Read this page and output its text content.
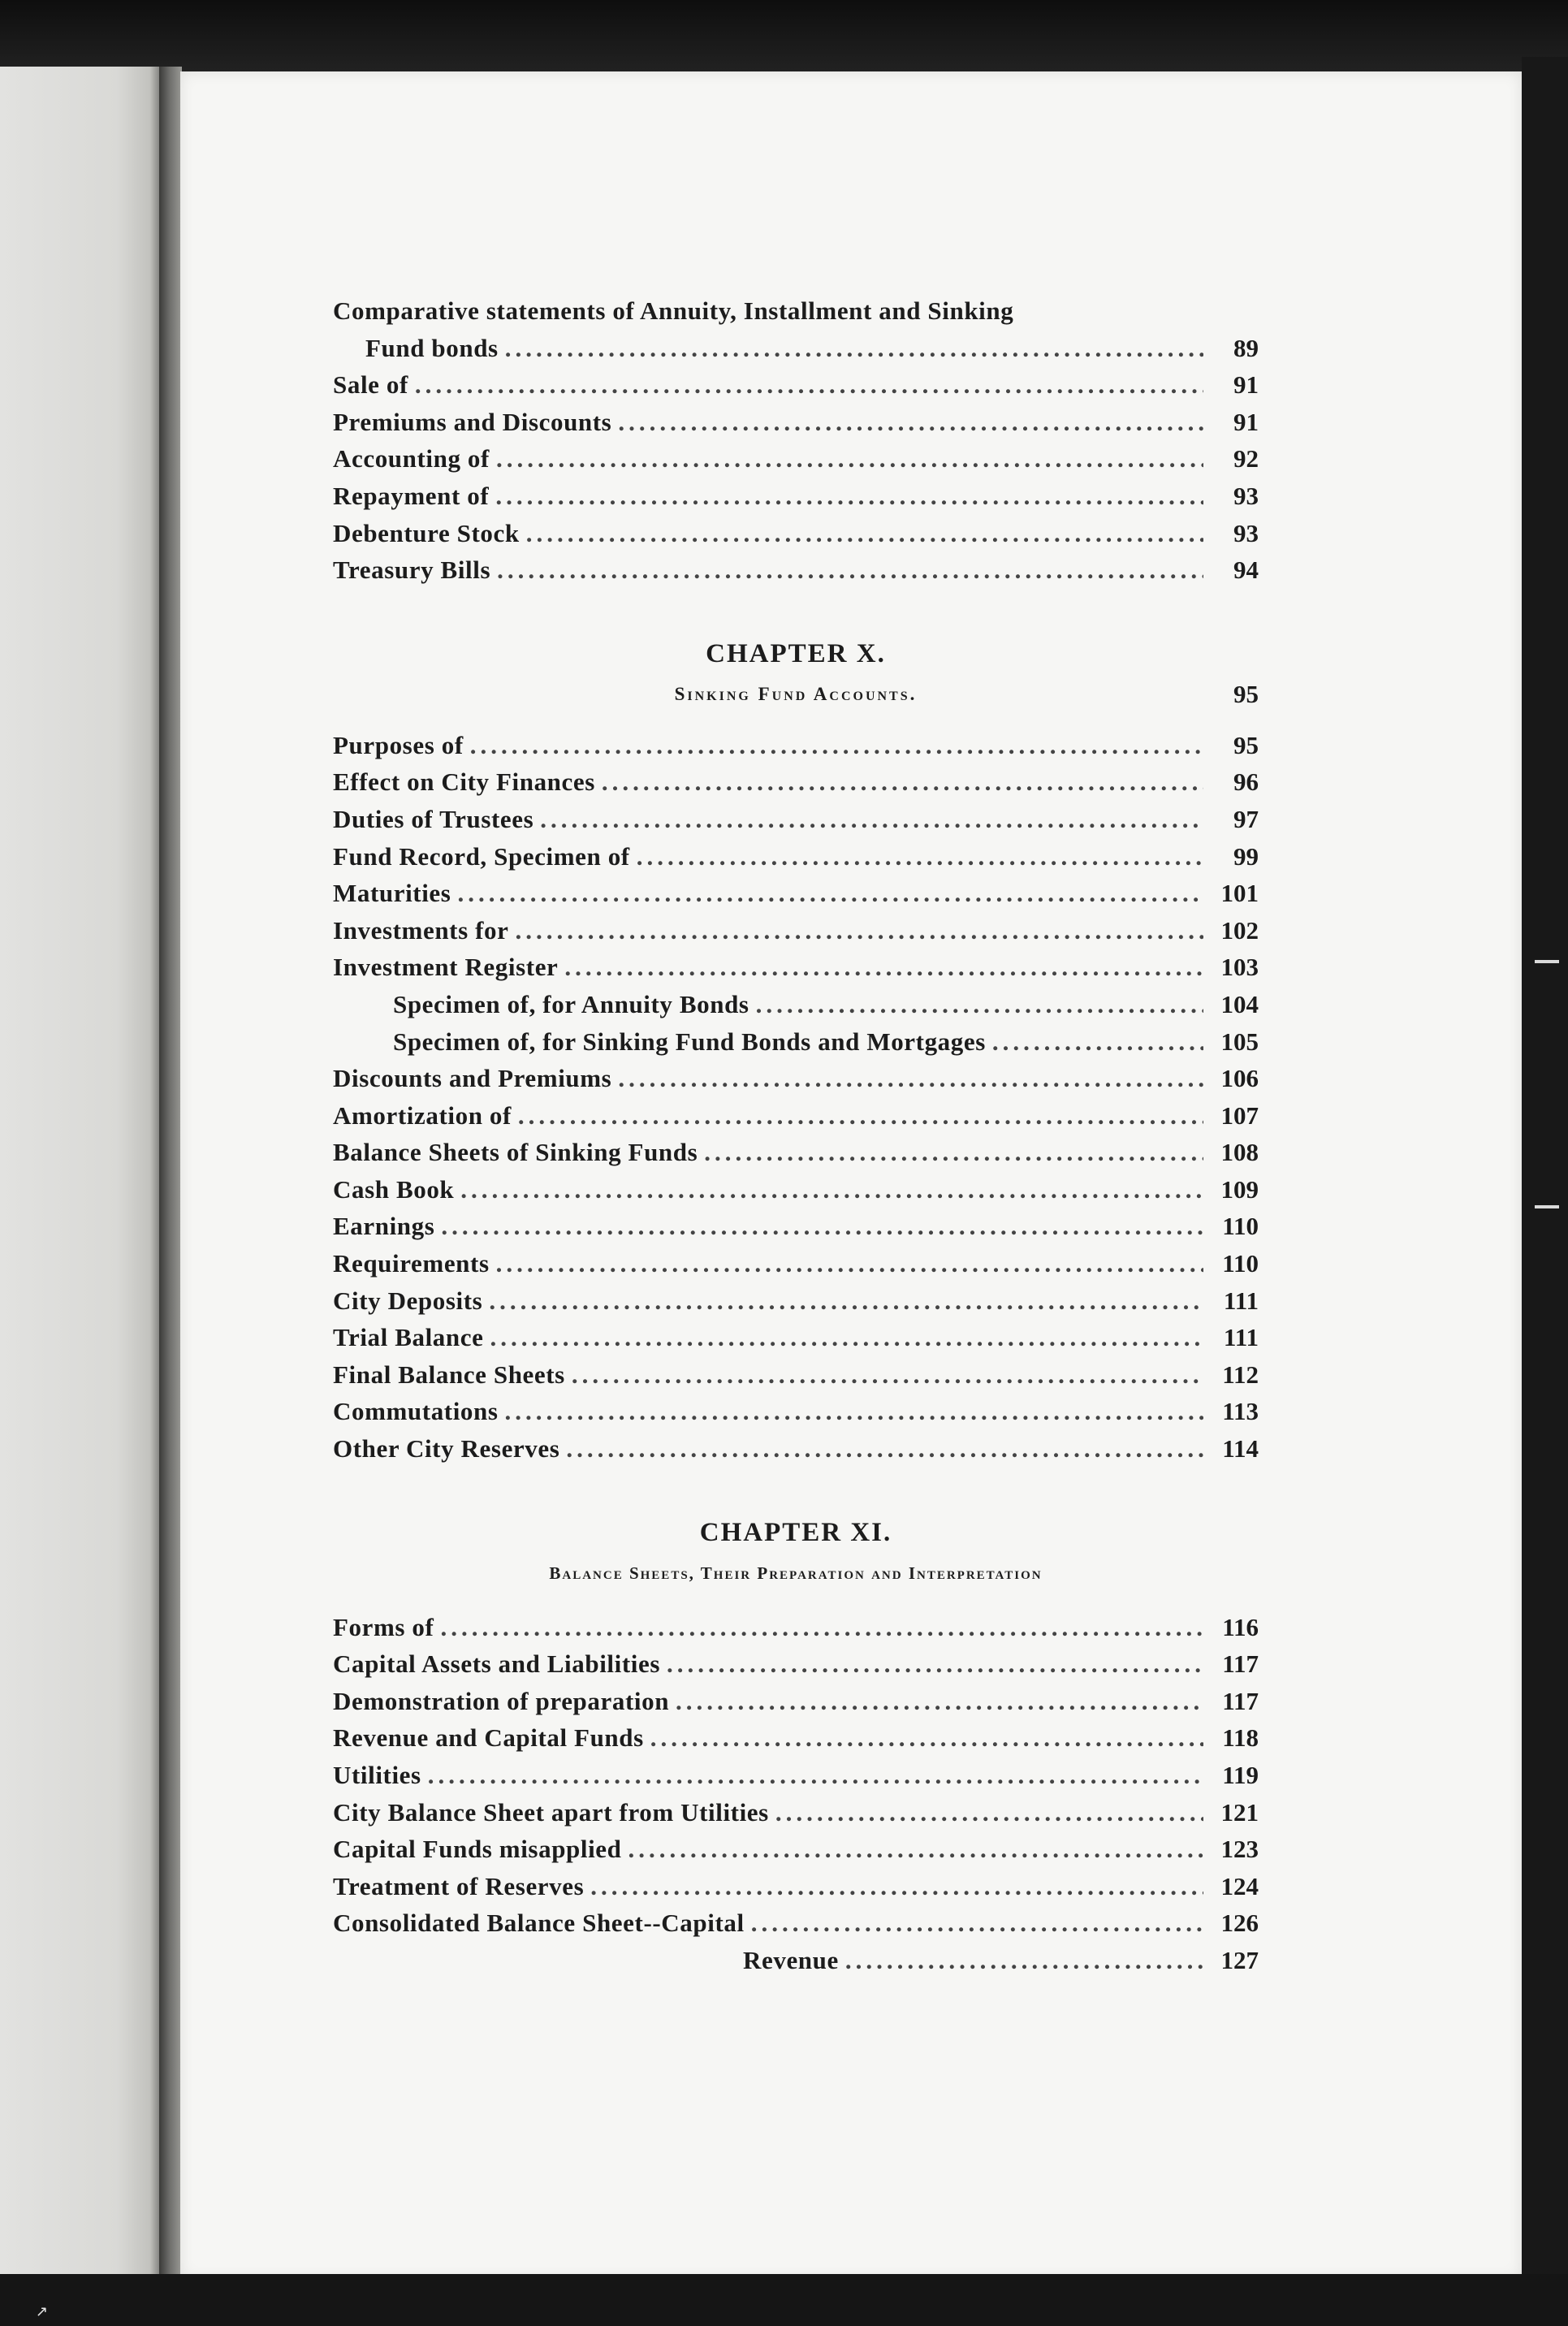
Comparative statements of Annuity, Installment and Sinking
Fund bonds .....	89
Sale of .....	91
Premiums and Discounts .....	91
Accounting of .....	92
Repayment of .....	93
Debenture Stock .....	93
Treasury Bills .....	94
CHAPTER X.
Sinking Fund Accounts.	95
Purposes of .....	95
Effect on City Finances .....	96
Duties of Trustees .....	97
Fund Record, Specimen of .....	99
Maturities .....	101
Investments for .....	102
Investment Register .....	103
Specimen of, for Annuity Bonds .....	104
Specimen of, for Sinking Fund Bonds and Mortgages .....	105
Discounts and Premiums .....	106
Amortization of .....	107
Balance Sheets of Sinking Funds .....	108
Cash Book .....	109
Earnings .....	110
Requirements .....	110
City Deposits .....	111
Trial Balance .....	111
Final Balance Sheets .....	112
Commutations .....	113
Other City Reserves .....	114
CHAPTER XI.
Balance Sheets, Their Preparation and Interpretation
Forms of .....	116
Capital Assets and Liabilities .....	117
Demonstration of preparation .....	117
Revenue and Capital Funds .....	118
Utilities .....	119
City Balance Sheet apart from Utilities .....	121
Capital Funds misapplied .....	123
Treatment of Reserves .....	124
Consolidated Balance Sheet--Capital .....	126
Revenue .....	127
↗
